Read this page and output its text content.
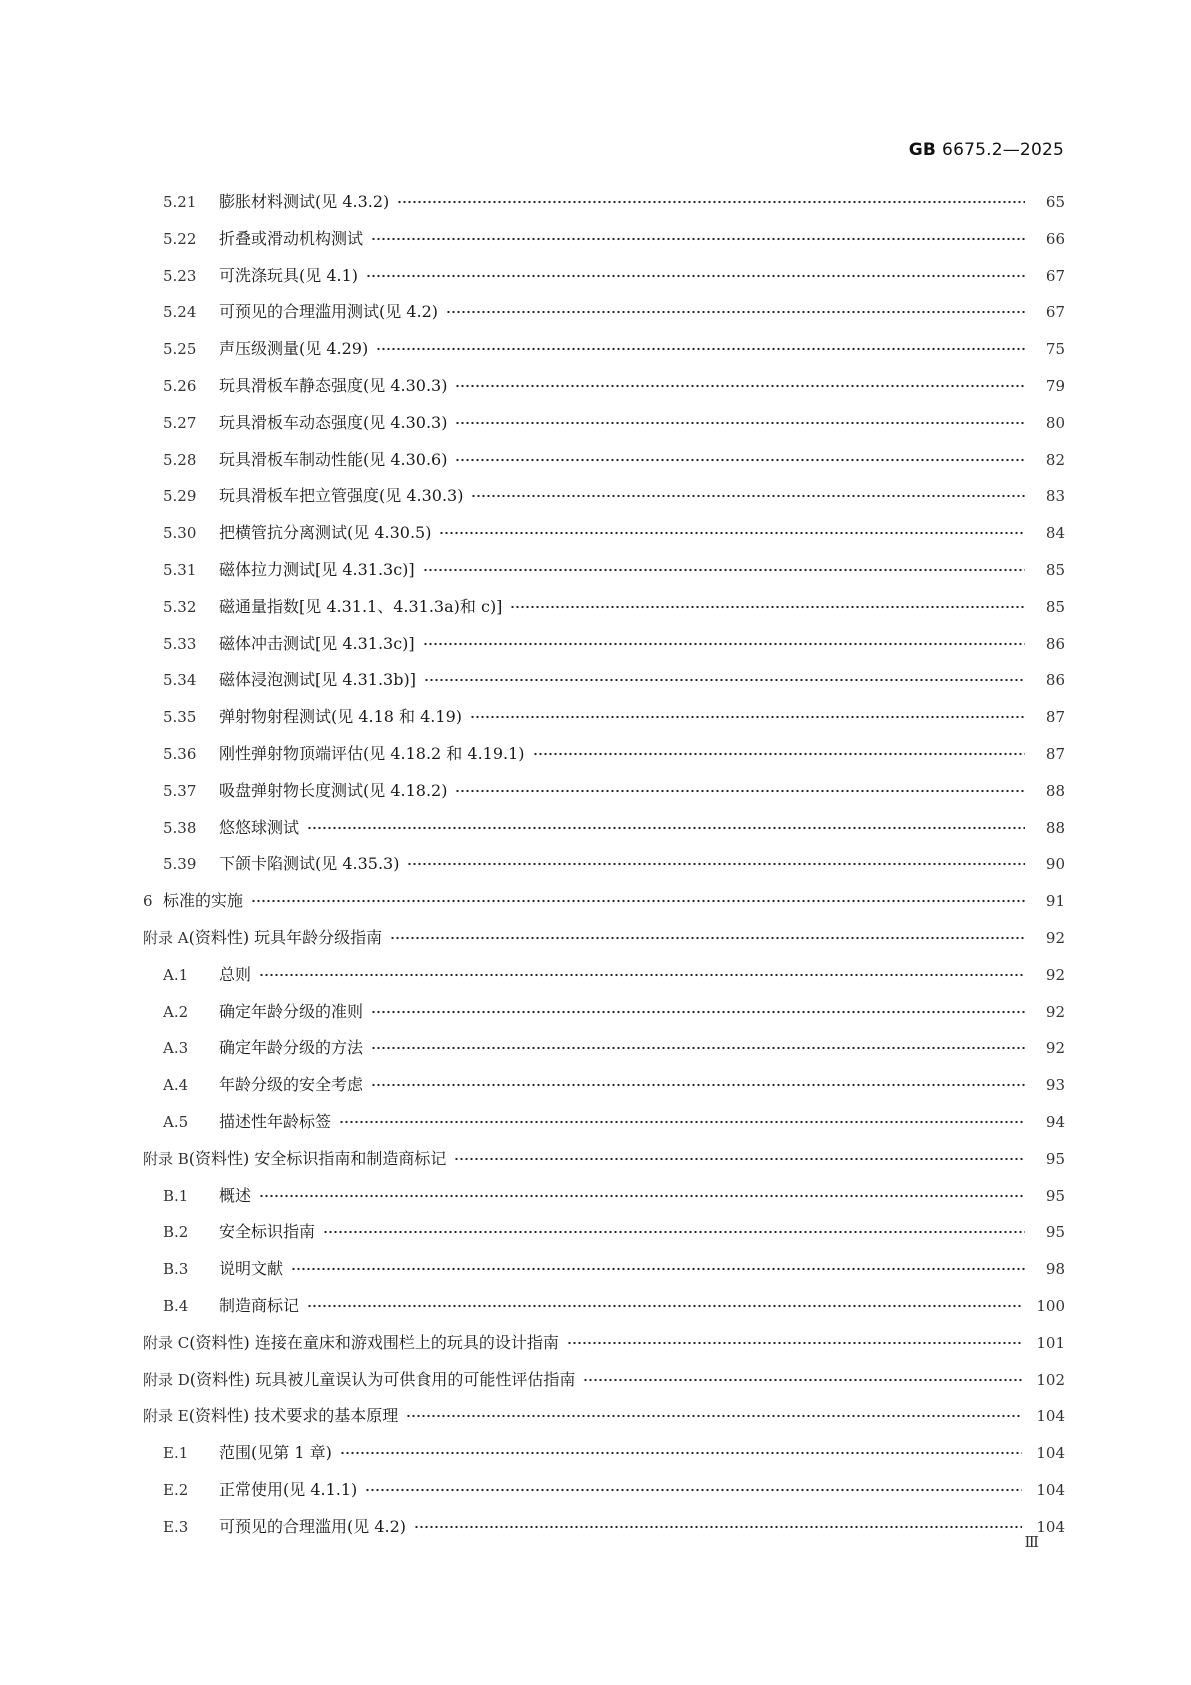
GB 6675.2—2025
5.21	膨胀材料测试(见 4.3.2)	65
5.22	折叠或滑动机构测试	66
5.23	可洗涤玩具(见 4.1)	67
5.24	可预见的合理滥用测试(见 4.2)	67
5.25	声压级测量(见 4.29)	75
5.26	玩具滑板车静态强度(见 4.30.3)	79
5.27	玩具滑板车动态强度(见 4.30.3)	80
5.28	玩具滑板车制动性能(见 4.30.6)	82
5.29	玩具滑板车把立管强度(见 4.30.3)	83
5.30	把横管抗分离测试(见 4.30.5)	84
5.31	磁体拉力测试[见 4.31.3c)]	85
5.32	磁通量指数[见 4.31.1、4.31.3a)和 c)]	85
5.33	磁体冲击测试[见 4.31.3c)]	86
5.34	磁体浸泡测试[见 4.31.3b)]	86
5.35	弹射物射程测试(见 4.18 和 4.19)	87
5.36	刚性弹射物顶端评估(见 4.18.2 和 4.19.1)	87
5.37	吸盘弹射物长度测试(见 4.18.2)	88
5.38	悠悠球测试	88
5.39	下颌卡陷测试(见 4.35.3)	90
6 标准的实施	91
附录 A (资料性) 玩具年龄分级指南	92
A.1	总则	92
A.2	确定年龄分级的准则	92
A.3	确定年龄分级的方法	92
A.4	年龄分级的安全考虑	93
A.5	描述性年龄标签	94
附录 B (资料性) 安全标识指南和制造商标记	95
B.1	概述	95
B.2	安全标识指南	95
B.3	说明文献	98
B.4	制造商标记	100
附录 C (资料性) 连接在童床和游戏围栏上的玩具的设计指南	101
附录 D (资料性) 玩具被儿童误认为可供食用的可能性评估指南	102
附录 E (资料性) 技术要求的基本原理	104
E.1	范围(见第 1 章)	104
E.2	正常使用(见 4.1.1)	104
E.3	可预见的合理滥用(见 4.2)	104
Ⅲ
